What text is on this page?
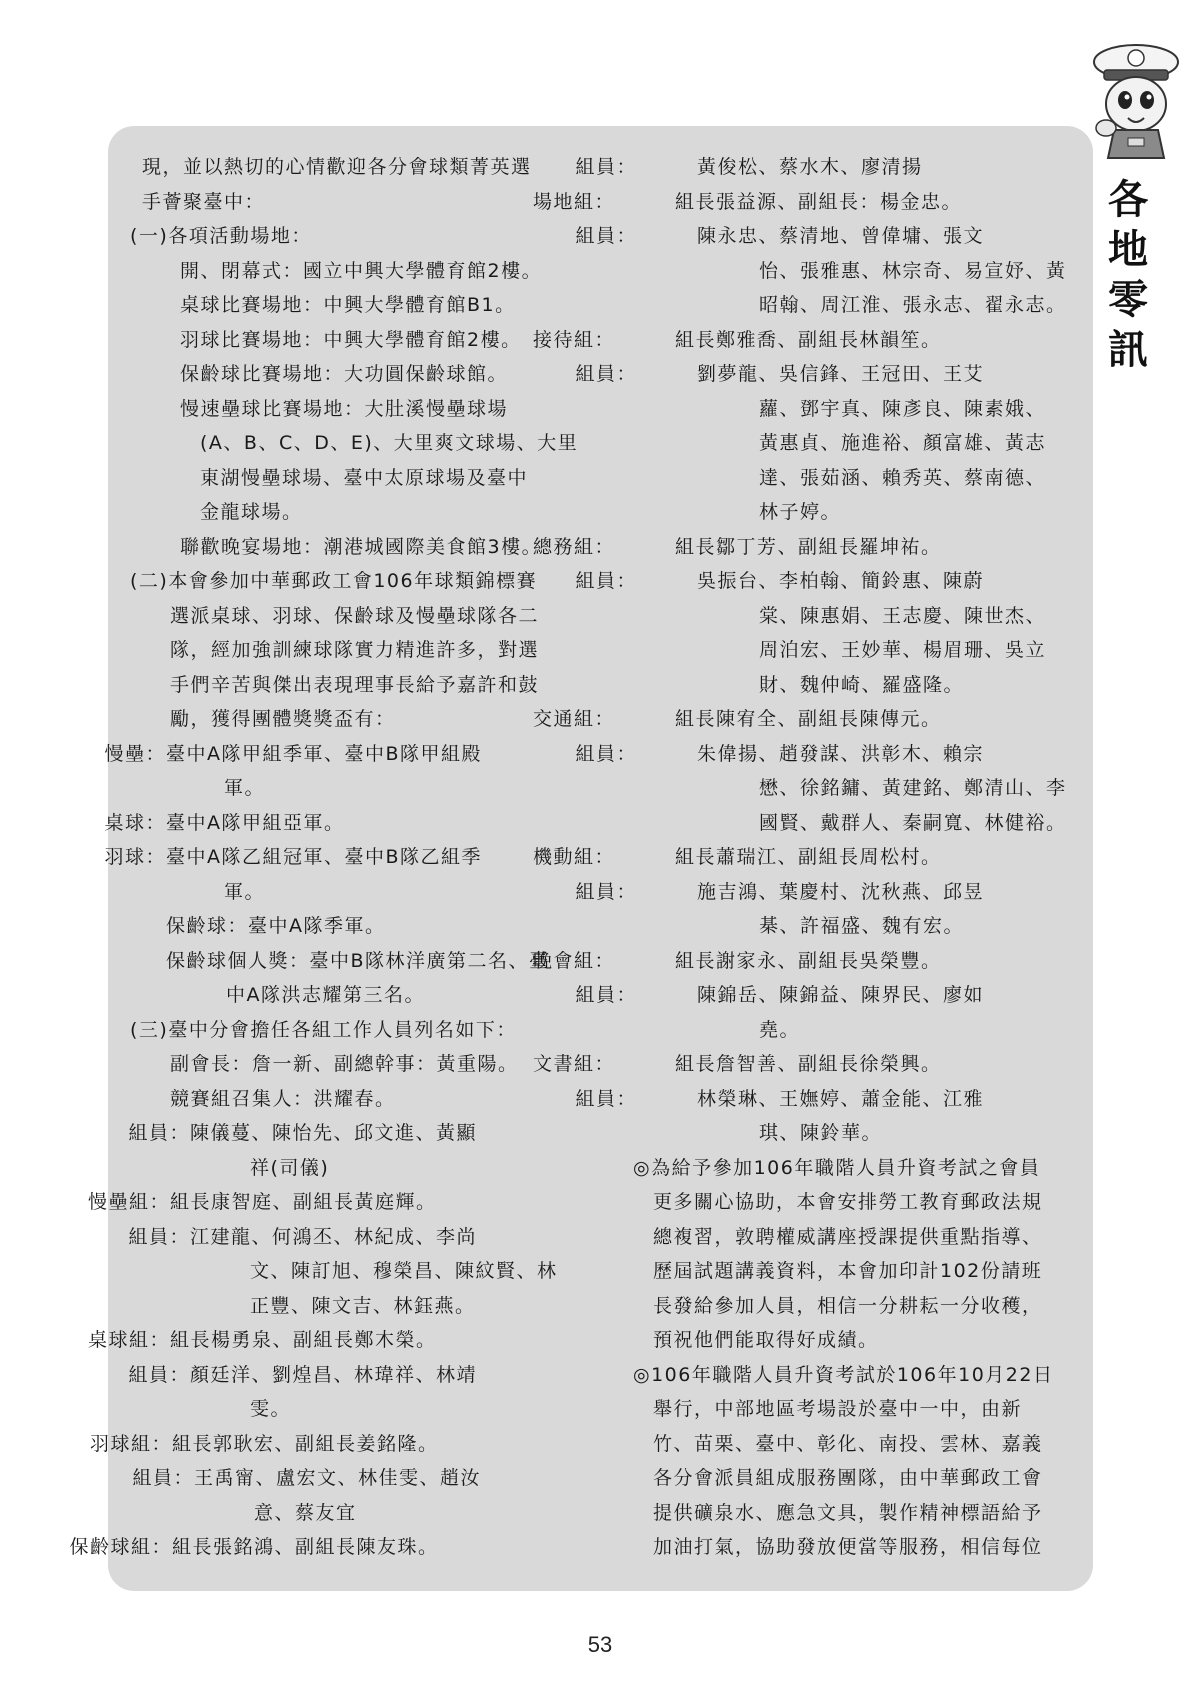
各
地
零
訊
現，並以熱切的心情歡迎各分會球類菁英選
手薈聚臺中：
(一)各項活動場地：
開、閉幕式：國立中興大學體育館2樓。
桌球比賽場地：中興大學體育館B1。
羽球比賽場地：中興大學體育館2樓。
保齡球比賽場地：大功圓保齡球館。
慢速壘球比賽場地：大肚溪慢壘球場
(A、B、C、D、E)、大里爽文球場、大里
東湖慢壘球場、臺中太原球場及臺中
金龍球場。
聯歡晚宴場地：潮港城國際美食館3樓。
(二)本會參加中華郵政工會106年球類錦標賽
選派桌球、羽球、保齡球及慢壘球隊各二
隊，經加強訓練球隊實力精進許多，對選
手們辛苦與傑出表現理事長給予嘉許和鼓
勵，獲得團體獎獎盃有：
慢壘： 臺中A隊甲組季軍、臺中B隊甲組殿
軍。
桌球： 臺中A隊甲組亞軍。
羽球： 臺中A隊乙組冠軍、臺中B隊乙組季
軍。
保齡球：臺中A隊季軍。
保齡球個人獎：臺中B隊林洋廣第二名、臺
中A隊洪志耀第三名。
(三)臺中分會擔任各組工作人員列名如下：
副會長：詹一新、副總幹事：黃重陽。
競賽組召集人：洪耀春。
組員： 陳儀蔓、陳怡先、邱文進、黃顯
祥(司儀)
慢壘組： 組長康智庭、副組長黃庭輝。
組員： 江建龍、何鴻丕、林紀成、李尚
文、陳訂旭、穆榮昌、陳紋賢、林
正豐、陳文吉、林鈺燕。
桌球組： 組長楊勇泉、副組長鄭木榮。
組員： 顏廷洋、劉煌昌、林瑋祥、林靖
雯。
羽球組： 組長郭耿宏、副組長姜銘隆。
組員： 王禹甯、盧宏文、林佳雯、趙汝
意、蔡友宜
保齡球組： 組長張銘鴻、副組長陳友珠。
組員：	黃俊松、蔡水木、廖清揚
場地組：	組長張益源、副組長：楊金忠。
組員：	陳永忠、蔡清地、曾偉墉、張文
怡、張雅惠、林宗奇、易宣妤、黃
昭翰、周江淮、張永志、翟永志。
接待組：	組長鄭雅喬、副組長林韻笙。
組員：	劉夢龍、吳信鋒、王冠田、王艾
蘿、鄧宇真、陳彥良、陳素娥、
黃惠貞、施進裕、顏富雄、黃志
達、張茹涵、賴秀英、蔡南德、
林子婷。
總務組：	組長鄒丁芳、副組長羅坤祐。
組員：	吳振台、李柏翰、簡鈴惠、陳蔚
棠、陳惠娟、王志慶、陳世杰、
周泊宏、王妙華、楊眉珊、吳立
財、魏仲崎、羅盛隆。
交通組：	組長陳宥全、副組長陳傳元。
組員：	朱偉揚、趙發謀、洪彰木、賴宗
懋、徐銘鏞、黃建銘、鄭清山、李
國賢、戴群人、秦嗣寬、林健裕。
機動組：	組長蕭瑞江、副組長周松村。
組員：	施吉鴻、葉慶村、沈秋燕、邱昱
棊、許福盛、魏有宏。
晚會組：	組長謝家永、副組長吳榮豐。
組員：	陳錦岳、陳錦益、陳界民、廖如
堯。
文書組：	組長詹智善、副組長徐榮興。
組員：	林榮琳、王嫵婷、蕭金能、江雅
琪、陳鈴華。
◎為給予參加106年職階人員升資考試之會員
更多關心協助，本會安排勞工教育郵政法規
總複習，敦聘權威講座授課提供重點指導、
歷屆試題講義資料，本會加印計102份請班
長發給參加人員，相信一分耕耘一分收穫，
預祝他們能取得好成績。
◎106年職階人員升資考試於106年10月22日
舉行，中部地區考場設於臺中一中，由新
竹、苗栗、臺中、彰化、南投、雲林、嘉義
各分會派員組成服務團隊，由中華郵政工會
提供礦泉水、應急文具，製作精神標語給予
加油打氣，協助發放便當等服務，相信每位
53
